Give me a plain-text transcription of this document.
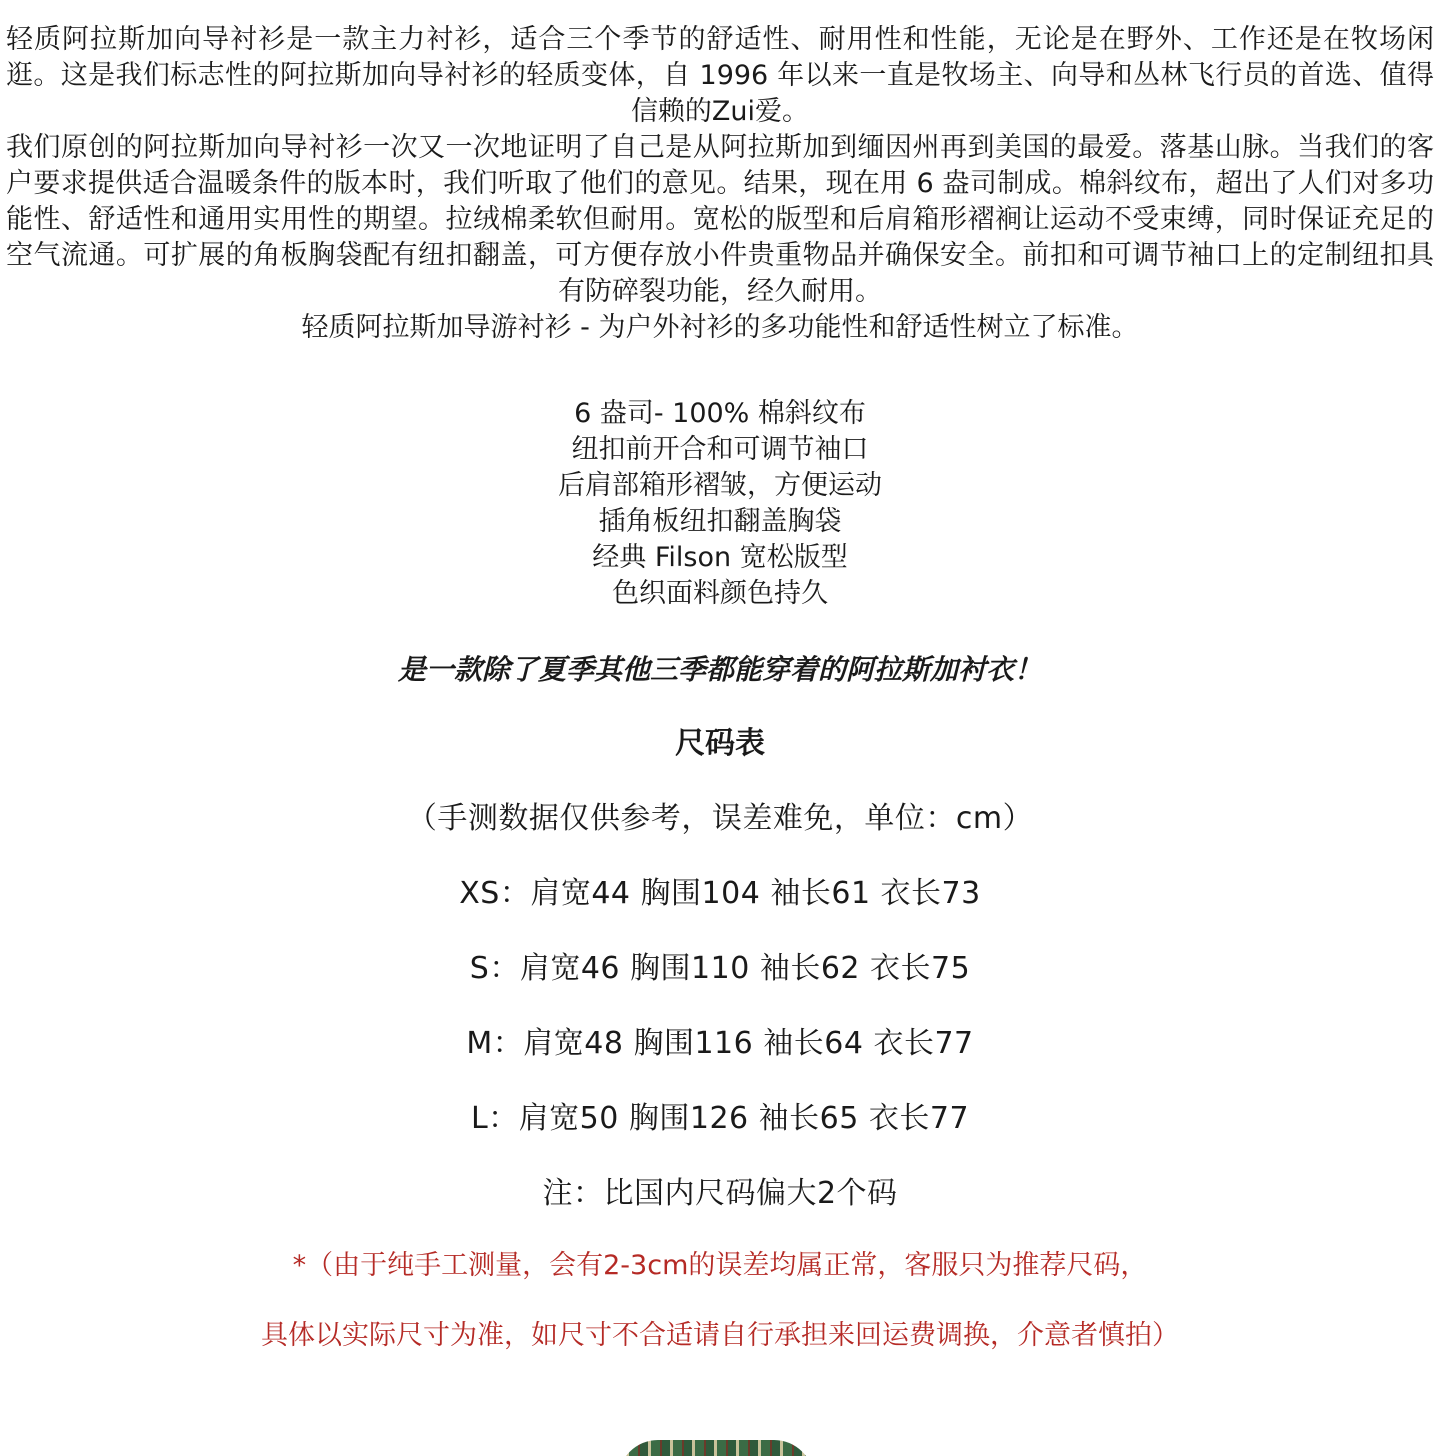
轻质阿拉斯加向导衬衫是一款主力衬衫，适合三个季节的舒适性、耐用性和性能，无论是在野外、工作还是在牧场闲逛。这是我们标志性的阿拉斯加向导衬衫的轻质变体，自 1996 年以来一直是牧场主、向导和丛林飞行员的首选、值得信赖的Zui爱。

我们原创的阿拉斯加向导衬衫一次又一次地证明了自己是从阿拉斯加到缅因州再到美国的最爱。落基山脉。当我们的客户要求提供适合温暖条件的版本时，我们听取了他们的意见。结果，现在用 6 盎司制成。棉斜纹布，超出了人们对多功能性、舒适性和通用实用性的期望。拉绒棉柔软但耐用。宽松的版型和后肩箱形褶裥让运动不受束缚，同时保证充足的空气流通。可扩展的角板胸袋配有纽扣翻盖，可方便存放小件贵重物品并确保安全。前扣和可调节袖口上的定制纽扣具有防碎裂功能，经久耐用。

轻质阿拉斯加导游衬衫 - 为户外衬衫的多功能性和舒适性树立了标准。

6 盎司- 100% 棉斜纹布
纽扣前开合和可调节袖口
后肩部箱形褶皱，方便运动
插角板纽扣翻盖胸袋
经典 Filson 宽松版型
色织面料颜色持久
是一款除了夏季其他三季都能穿着的阿拉斯加衬衣！
尺码表
（手测数据仅供参考，误差难免，单位：cm）
XS：肩宽44 胸围104 袖长61 衣长73
S：肩宽46 胸围110 袖长62 衣长75
M：肩宽48 胸围116 袖长64 衣长77
L：肩宽50 胸围126 袖长65 衣长77
注：比国内尺码偏大2个码
*（由于纯手工测量，会有2-3cm的误差均属正常，客服只为推荐尺码，
具体以实际尺寸为准，如尺寸不合适请自行承担来回运费调换，介意者慎拍）
